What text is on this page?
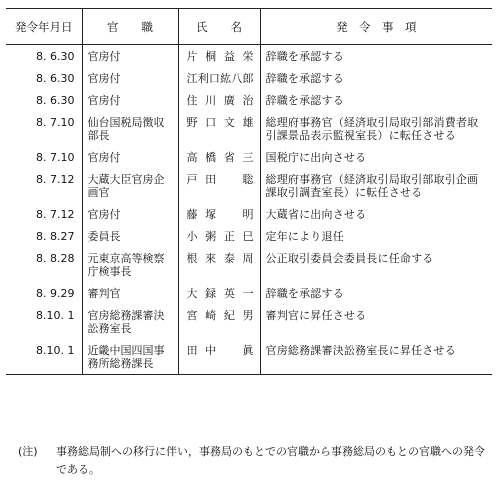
発令年月日	官　　職	氏　　名	発　令　事　項
8. 6.30	官房付	片桐益栄	辞職を承認する
8. 6.30	官房付	江利口紘八郎	辞職を承認する
8. 6.30	官房付	住川廣治	辞職を承認する
8. 7.10	仙台国税局徴収部長	野口文雄	総理府事務官（経済取引局取引部消費者取引課景品表示監視室長）に転任させる
8. 7.10	官房付	高橋省三	国税庁に出向させる
8. 7.12	大蔵大臣官房企画官	戸田　聡	総理府事務官（経済取引局取引部取引企画課取引調査室長）に転任させる
8. 7.12	官房付	藤塚　明	大蔵省に出向させる
8. 8.27	委員長	小粥正巳	定年により退任
8. 8.28	元東京高等検察庁検事長	根來泰周	公正取引委員会委員長に任命する
8. 9.29	審判官	大録英一	辞職を承認する
8.10. 1	官房総務課審決訟務室長	宮崎紀男	審判官に昇任させる
8.10. 1	近畿中国四国事務所総務課長	田中　眞	官房総務課審決訟務室長に昇任させる
(注)	事務総局制への移行に伴い，事務局のもとでの官職から事務総局のもとの官職への発令である。
